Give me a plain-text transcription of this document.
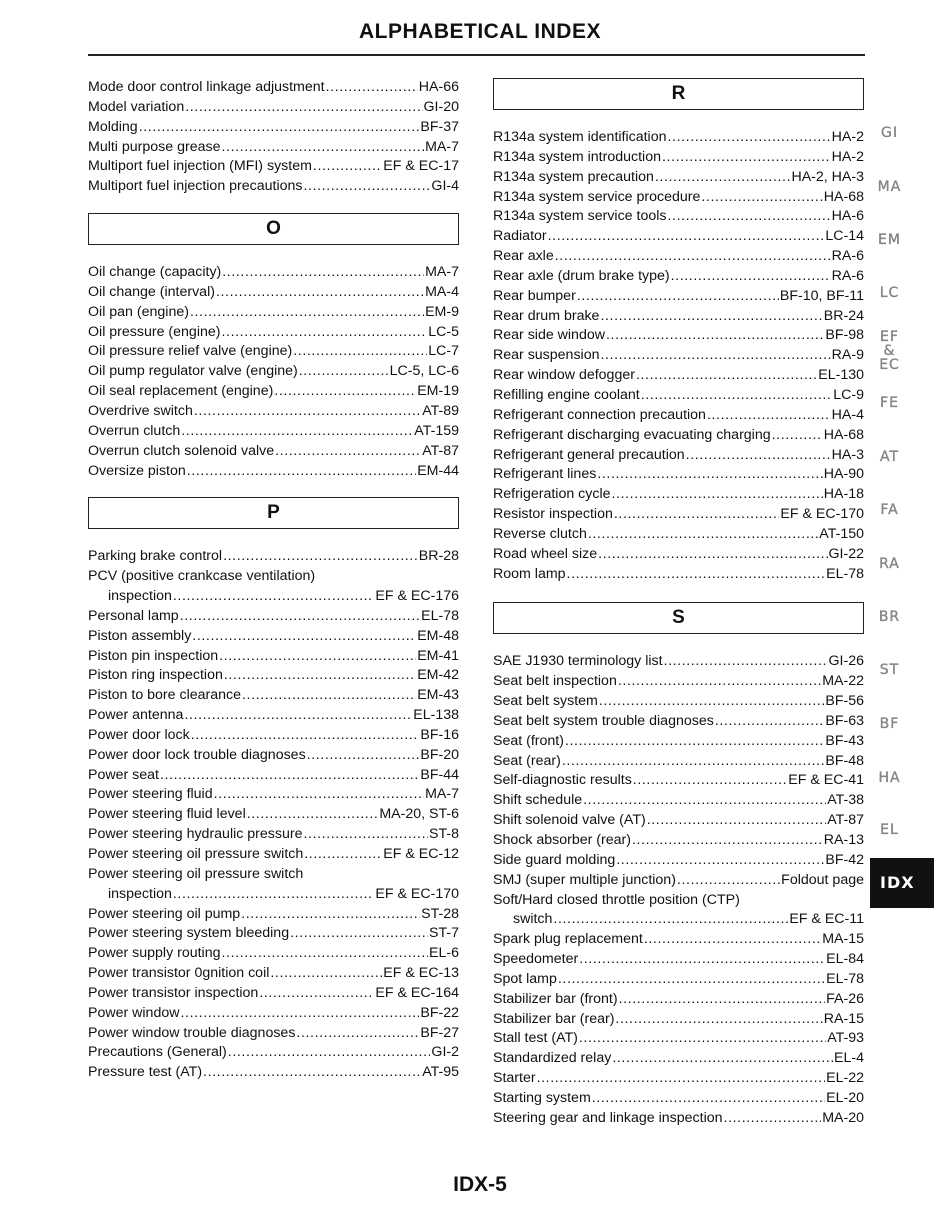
ALPHABETICAL INDEX
Mode door control linkage adjustment .....	HA-66
Model variation .....	GI-20
Molding .....	BF-37
Multi purpose grease .....	MA-7
Multiport fuel injection (MFI) system .....	EF & EC-17
Multiport fuel injection precautions .....	GI-4
O
Oil change (capacity) .....	MA-7
Oil change (interval) .....	MA-4
Oil pan (engine) .....	EM-9
Oil pressure (engine) .....	LC-5
Oil pressure relief valve (engine) .....	LC-7
Oil pump regulator valve (engine) .....	LC-5, LC-6
Oil seal replacement (engine) .....	EM-19
Overdrive switch .....	AT-89
Overrun clutch .....	AT-159
Overrun clutch solenoid valve .....	AT-87
Oversize piston .....	EM-44
P
Parking brake control .....	BR-28
PCV (positive crankcase ventilation)
inspection .....	EF & EC-176
Personal lamp .....	EL-78
Piston assembly .....	EM-48
Piston pin inspection .....	EM-41
Piston ring inspection .....	EM-42
Piston to bore clearance .....	EM-43
Power antenna .....	EL-138
Power door lock .....	BF-16
Power door lock trouble diagnoses .....	BF-20
Power seat .....	BF-44
Power steering fluid .....	MA-7
Power steering fluid level .....	MA-20, ST-6
Power steering hydraulic pressure .....	ST-8
Power steering oil pressure switch .....	EF & EC-12
Power steering oil pressure switch
inspection .....	EF & EC-170
Power steering oil pump .....	ST-28
Power steering system bleeding .....	ST-7
Power supply routing .....	EL-6
Power transistor 0gnition coil .....	EF & EC-13
Power transistor inspection .....	EF & EC-164
Power window .....	BF-22
Power window trouble diagnoses .....	BF-27
Precautions (General) .....	GI-2
Pressure test (AT) .....	AT-95
R
R134a system identification .....	HA-2
R134a system introduction .....	HA-2
R134a system precaution .....	HA-2, HA-3
R134a system service procedure .....	HA-68
R134a system service tools .....	HA-6
Radiator .....	LC-14
Rear axle .....	RA-6
Rear axle (drum brake type) .....	RA-6
Rear bumper .....	BF-10, BF-11
Rear drum brake .....	BR-24
Rear side window .....	BF-98
Rear suspension .....	RA-9
Rear window defogger .....	EL-130
Refilling engine coolant .....	LC-9
Refrigerant connection precaution .....	HA-4
Refrigerant discharging evacuating charging .....	HA-68
Refrigerant general precaution .....	HA-3
Refrigerant lines .....	HA-90
Refrigeration cycle .....	HA-18
Resistor inspection .....	EF & EC-170
Reverse clutch .....	AT-150
Road wheel size .....	GI-22
Room lamp .....	EL-78
S
SAE J1930 terminology list .....	GI-26
Seat belt inspection .....	MA-22
Seat belt system .....	BF-56
Seat belt system trouble diagnoses .....	BF-63
Seat (front) .....	BF-43
Seat (rear) .....	BF-48
Self-diagnostic results .....	EF & EC-41
Shift schedule .....	AT-38
Shift solenoid valve (AT) .....	AT-87
Shock absorber (rear) .....	RA-13
Side guard molding .....	BF-42
SMJ (super multiple junction) .....	Foldout page
Soft/Hard closed throttle position (CTP)
switch .....	EF & EC-11
Spark plug replacement .....	MA-15
Speedometer .....	EL-84
Spot lamp .....	EL-78
Stabilizer bar (front) .....	FA-26
Stabilizer bar (rear) .....	RA-15
Stall test (AT) .....	AT-93
Standardized relay .....	EL-4
Starter .....	EL-22
Starting system .....	EL-20
Steering gear and linkage inspection .....	MA-20
GI
MA
EM
LC
EF &
EC
FE
AT
FA
RA
BR
ST
BF
HA
EL
IDX
IDX-5
